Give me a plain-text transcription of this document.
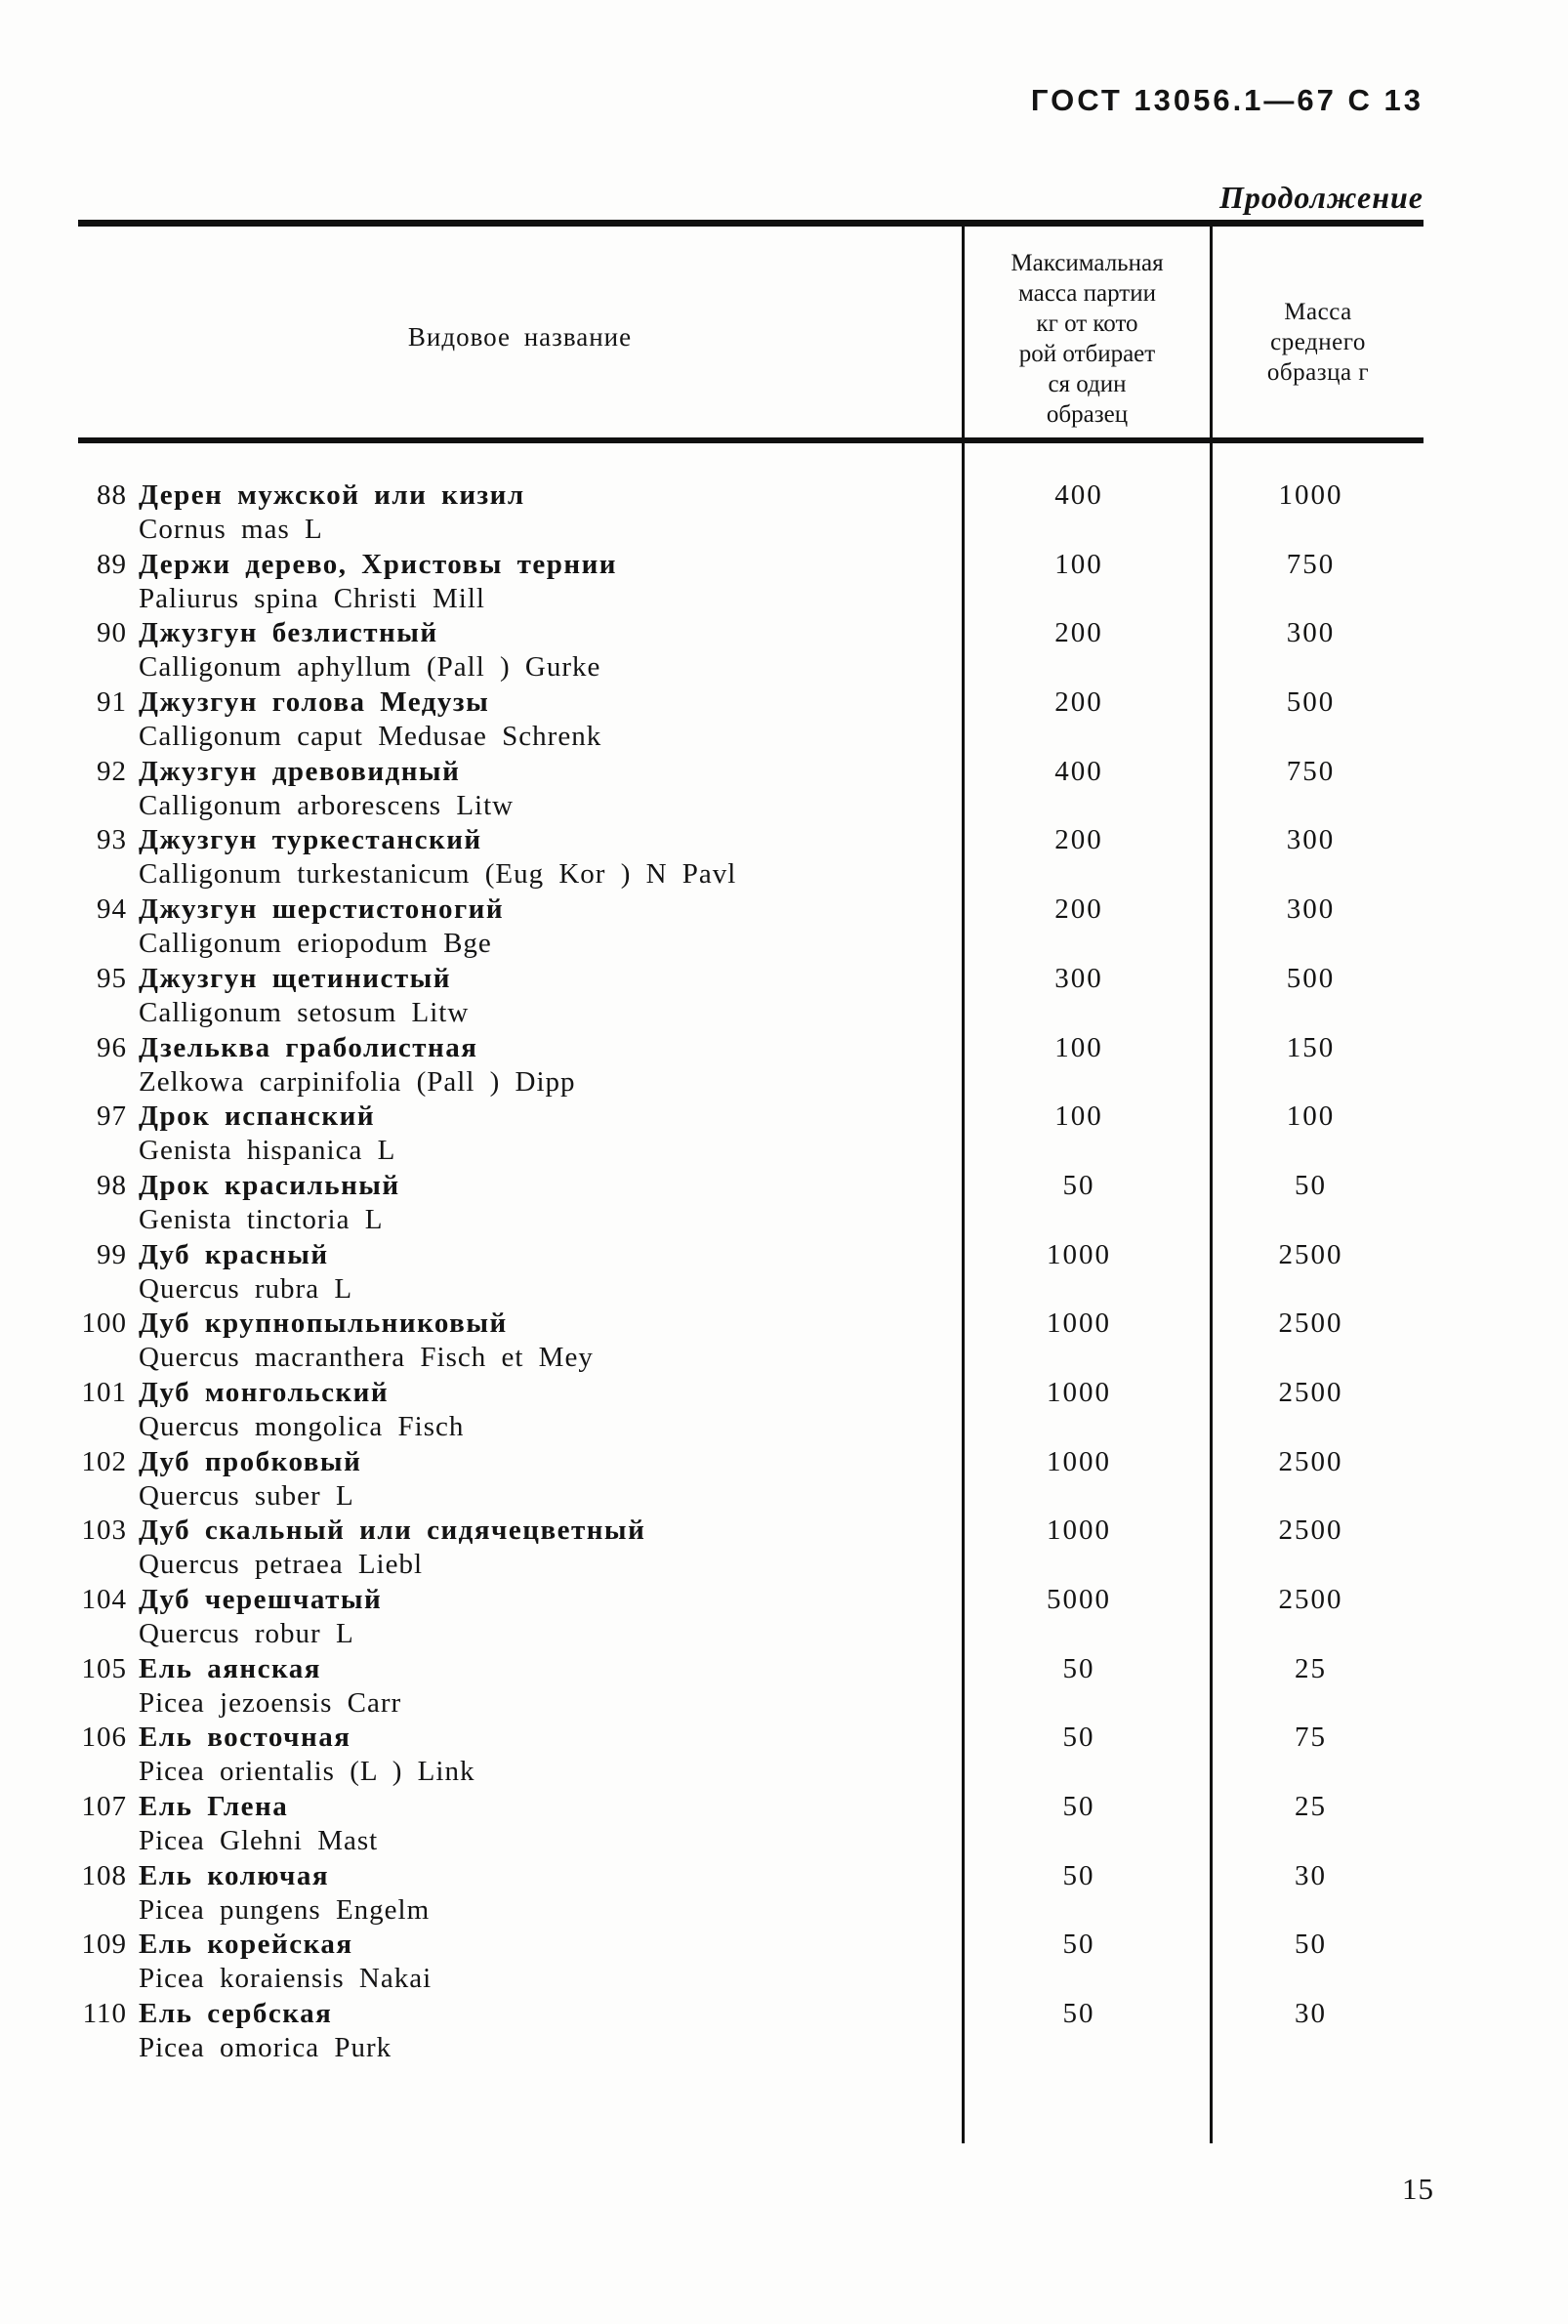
ГОСТ 13056.1—67 С 13
Продолжение
Видовое название
Максимальная
масса партии
кг от кото
рой отбирает
ся один
образец
Масса
среднего
образца г
88 Дерен мужской или кизил
Cornus mas L
400	1000
89 Держи дерево, Христовы тернии
Paliurus spina Christi Mill
100	750
90 Джузгун безлистный
Calligonum aphyllum (Pall ) Gurke
200	300
91 Джузгун голова Медузы
Calligonum caput Medusae Schrenk
200	500
92 Джузгун древовидный
Calligonum arborescens Litw
400	750
93 Джузгун туркестанский
Calligonum turkestanicum (Eug Kor ) N Pavl
200	300
94 Джузгун шерстистоногий
Calligonum eriopodum Bge
200	300
95 Джузгун щетинистый
Calligonum setosum Litw
300	500
96 Дзельква граболистная
Zelkowa carpinifolia (Pall ) Dipp
100	150
97 Дрок испанский
Genista hispanica L
100	100
98 Дрок красильный
Genista tinctoria L
50	50
99 Дуб красный
Quercus rubra L
1000	2500
100 Дуб крупнопыльниковый
Quercus macranthera Fisch et Mey
1000	2500
101 Дуб монгольский
Quercus mongolica Fisch
1000	2500
102 Дуб пробковый
Quercus suber L
1000	2500
103 Дуб скальный или сидячецветный
Quercus petraea Liebl
1000	2500
104 Дуб черешчатый
Quercus robur L
5000	2500
105 Ель аянская
Picea jezoensis Carr
50	25
106 Ель восточная
Picea orientalis (L ) Link
50	75
107 Ель Глена
Picea Glehni Mast
50	25
108 Ель колючая
Picea pungens Engelm
50	30
109 Ель корейская
Picea koraiensis Nakai
50	50
110 Ель сербская
Picea omorica Purk
50	30
15
